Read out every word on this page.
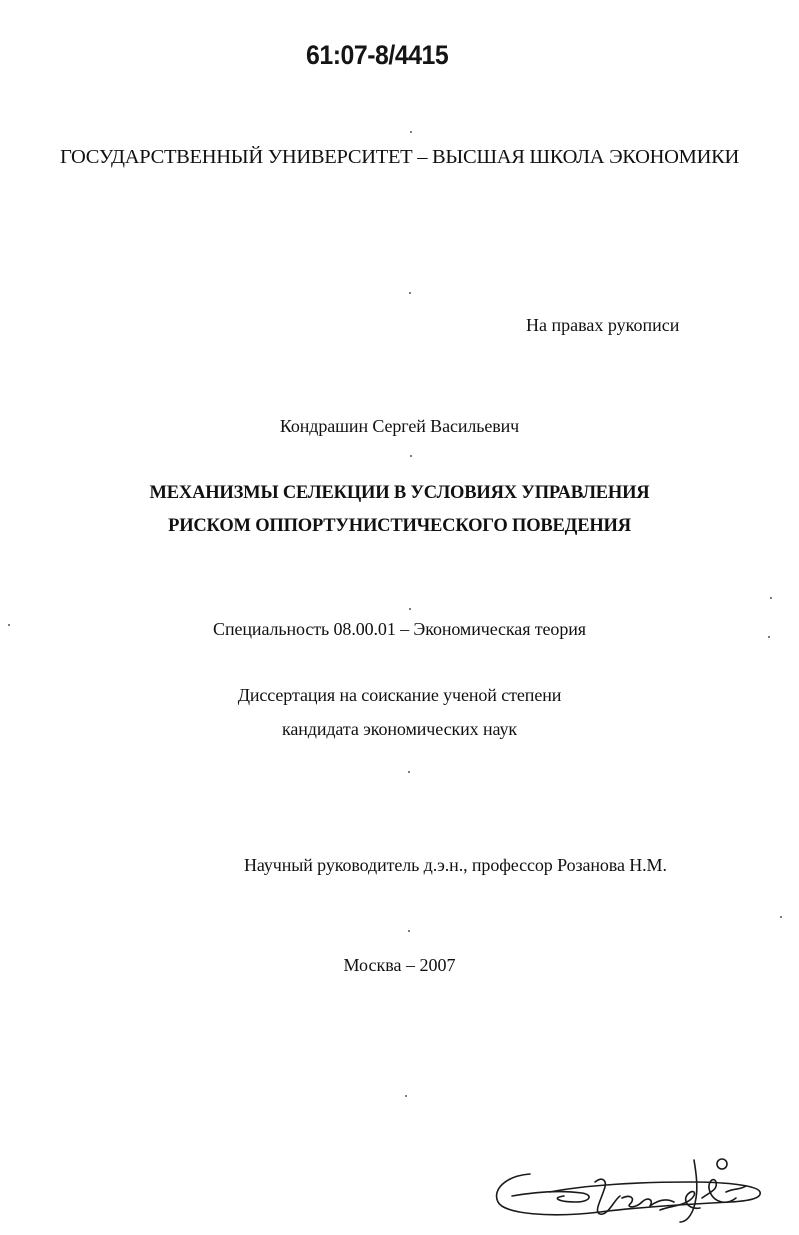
61:07-8/4415
ГОСУДАРСТВЕННЫЙ УНИВЕРСИТЕТ – ВЫСШАЯ ШКОЛА ЭКОНОМИКИ
На правах рукописи
Кондрашин Сергей Васильевич
МЕХАНИЗМЫ СЕЛЕКЦИИ В УСЛОВИЯХ УПРАВЛЕНИЯ
РИСКОМ ОППОРТУНИСТИЧЕСКОГО ПОВЕДЕНИЯ
Специальность 08.00.01 – Экономическая теория
Диссертация на соискание ученой степени
кандидата экономических наук
Научный руководитель д.э.н., профессор Розанова Н.М.
Москва – 2007
